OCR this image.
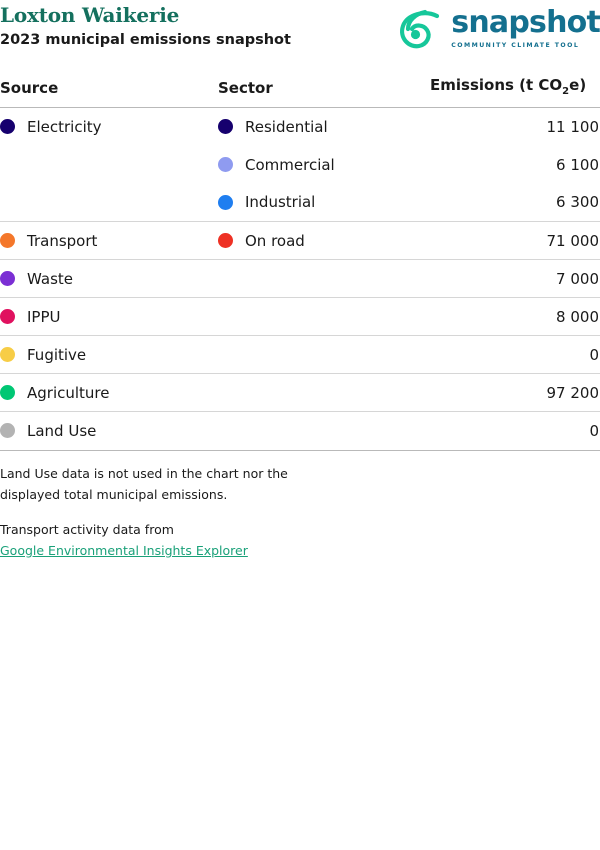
Loxton Waikerie
2023 municipal emissions snapshot	snapshot
COMMUNITY CLIMATE TOOL
Source	Sector	Emissions (t $CO_2e$)

Electricity	Residential	11 100

	Commercial	6 100

	Industrial	6 300

Transport	On road	71 000

Waste		7 000

IPPU		8 000

Fugitive		0

Agriculture		97 200

Land Use		0

Land Use data is not used in the chart nor the

displayed total municipal emissions.

Transport activity data from

Google Environmental Insights Explorer
